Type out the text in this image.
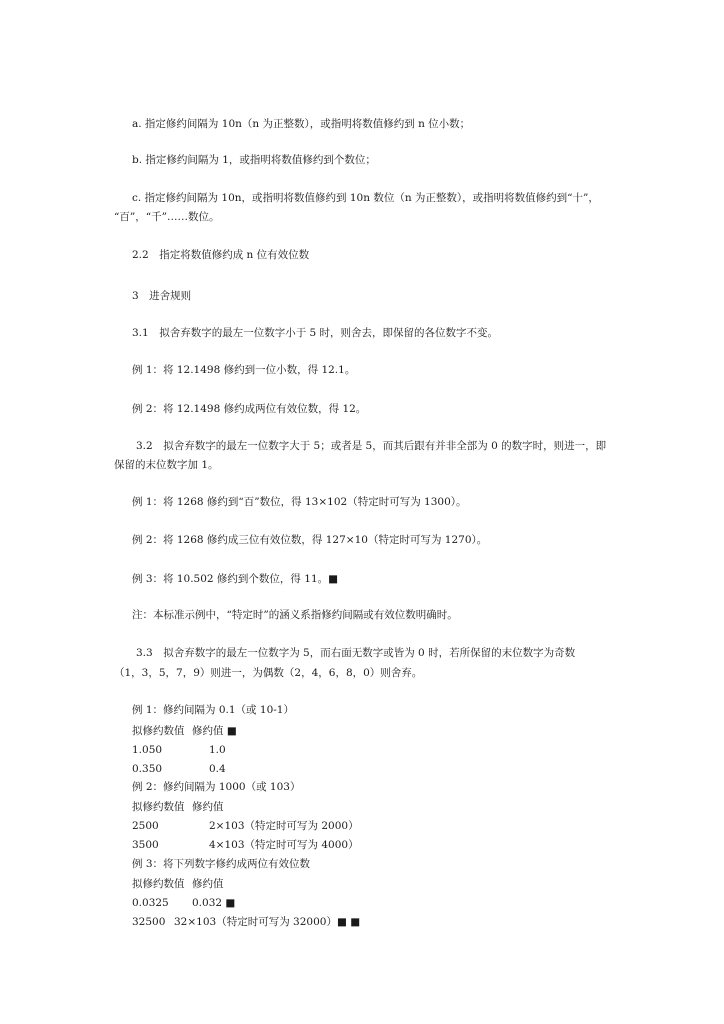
a. 指定修约间隔为 10n（n 为正整数），或指明将数值修约到 n 位小数；
b. 指定修约间隔为 1，或指明将数值修约到个数位；
c. 指定修约间隔为 10n，或指明将数值修约到 10n 数位（n 为正整数），或指明将数值修约到“十”，
“百”，“千”……数位。
2.2　指定将数值修约成 n 位有效位数
3　进舍规则
3.1　拟舍弃数字的最左一位数字小于 5 时，则舍去，即保留的各位数字不变。
例 1：将 12.1498 修约到一位小数，得 12.1。
例 2：将 12.1498 修约成两位有效位数，得 12。
3.2　拟舍弃数字的最左一位数字大于 5；或者是 5，而其后跟有并非全部为 0 的数字时，则进一，即
保留的末位数字加 1。
例 1：将 1268 修约到“百”数位，得 13×102（特定时可写为 1300）。
例 2：将 1268 修约成三位有效位数，得 127×10（特定时可写为 1270）。
例 3：将 10.502 修约到个数位，得 11。■
注：本标准示例中，“特定时”的涵义系指修约间隔或有效位数明确时。
3.3　拟舍弃数字的最左一位数字为 5，而右面无数字或皆为 0 时，若所保留的末位数字为奇数
（1，3，5，7，9）则进一，为偶数（2，4，6，8，0）则舍弃。
例 1：修约间隔为 0.1（或 10-1）
拟修约数值 修约值 ■
1.050	1.0
0.350	0.4
例 2：修约间隔为 1000（或 103）
拟修约数值 修约值
2500	2×103（特定时可写为 2000）
3500	4×103（特定时可写为 4000）
例 3：将下列数字修约成两位有效位数
拟修约数值 修约值
0.0325 0.032 ■
32500 32×103（特定时可写为 32000）■ ■
